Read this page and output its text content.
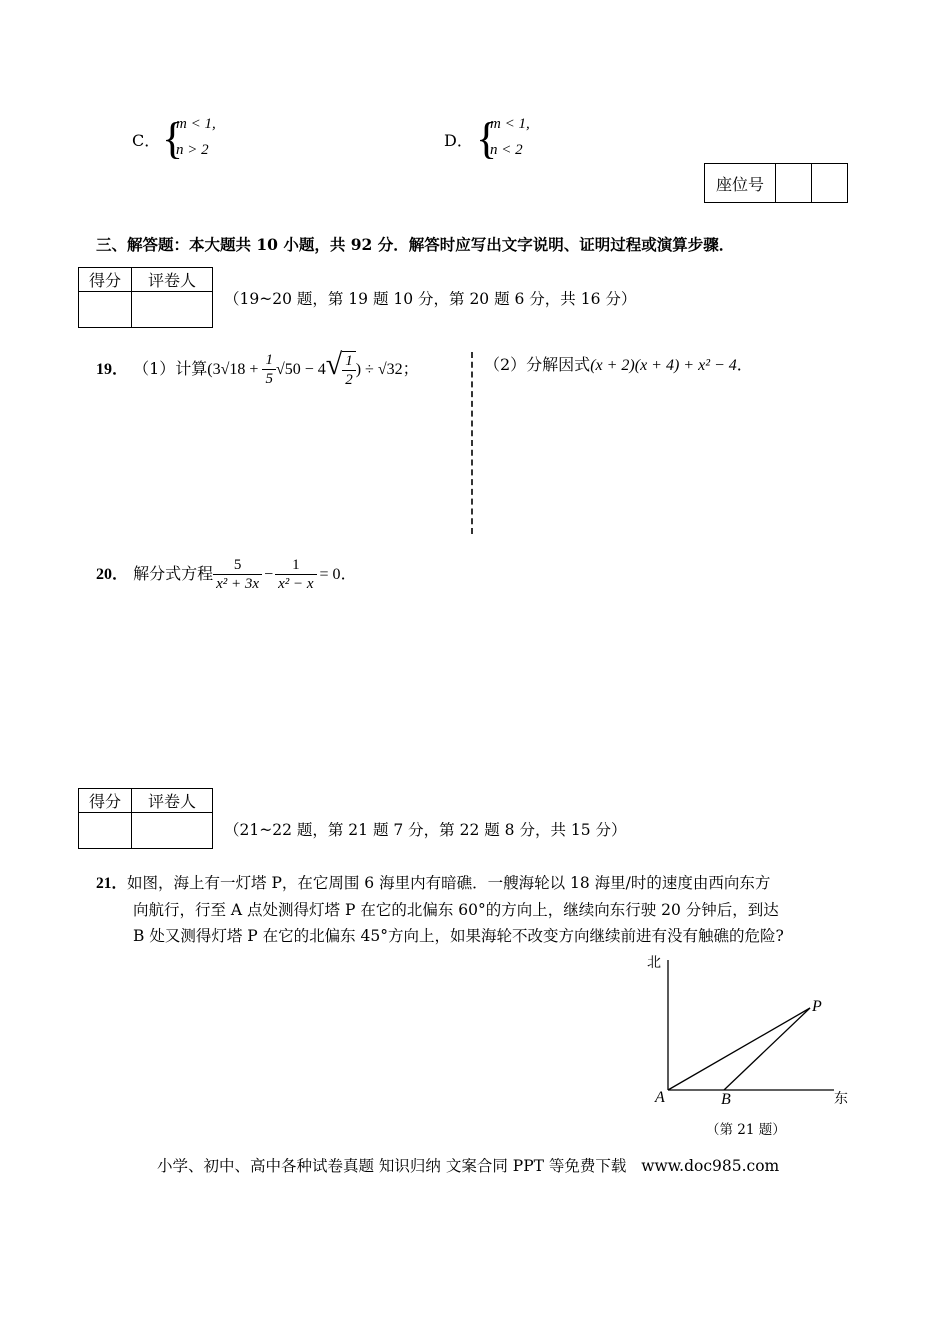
C． {
m < 1,
n > 2	D． {
m < 1,
n < 2
座位号		
三、解答题：本大题共 10 小题，共 92 分．解答时应写出文字说明、证明过程或演算步骤．
得分	评卷人

（19~20 题，第 19 题 10 分，第 20 题 6 分，共 16 分）
19． （1）计算($3√18 + \frac{1}{5} √50 - 4√ \frac{1}{2}$ ) ÷ √32；	（2）分解因式(x + 2)(x + 4) + x² − 4．
20． 解分式方程 $\frac{5}{\text{x² + 3x}} - \frac{1}{\text{x² − x}} = 0$．
得分	评卷人

（21~22 题，第 21 题 7 分，第 22 题 8 分，共 15 分）
21．如图，海上有一灯塔 P，在它周围 6 海里内有暗礁．一艘海轮以 18 海里/时的速度由西向东方
向航行，行至 A 点处测得灯塔 P 在它的北偏东 60°的方向上，继续向东行驶 20 分钟后，到达
B 处又测得灯塔 P 在它的北偏东 45°方向上，如果海轮不改变方向继续前进有没有触礁的危险?
北
东
A	B
P
（第 21 题）
小学、初中、高中各种试卷真题 知识归纳 文案合同 PPT 等免费下载   www.doc985.com
